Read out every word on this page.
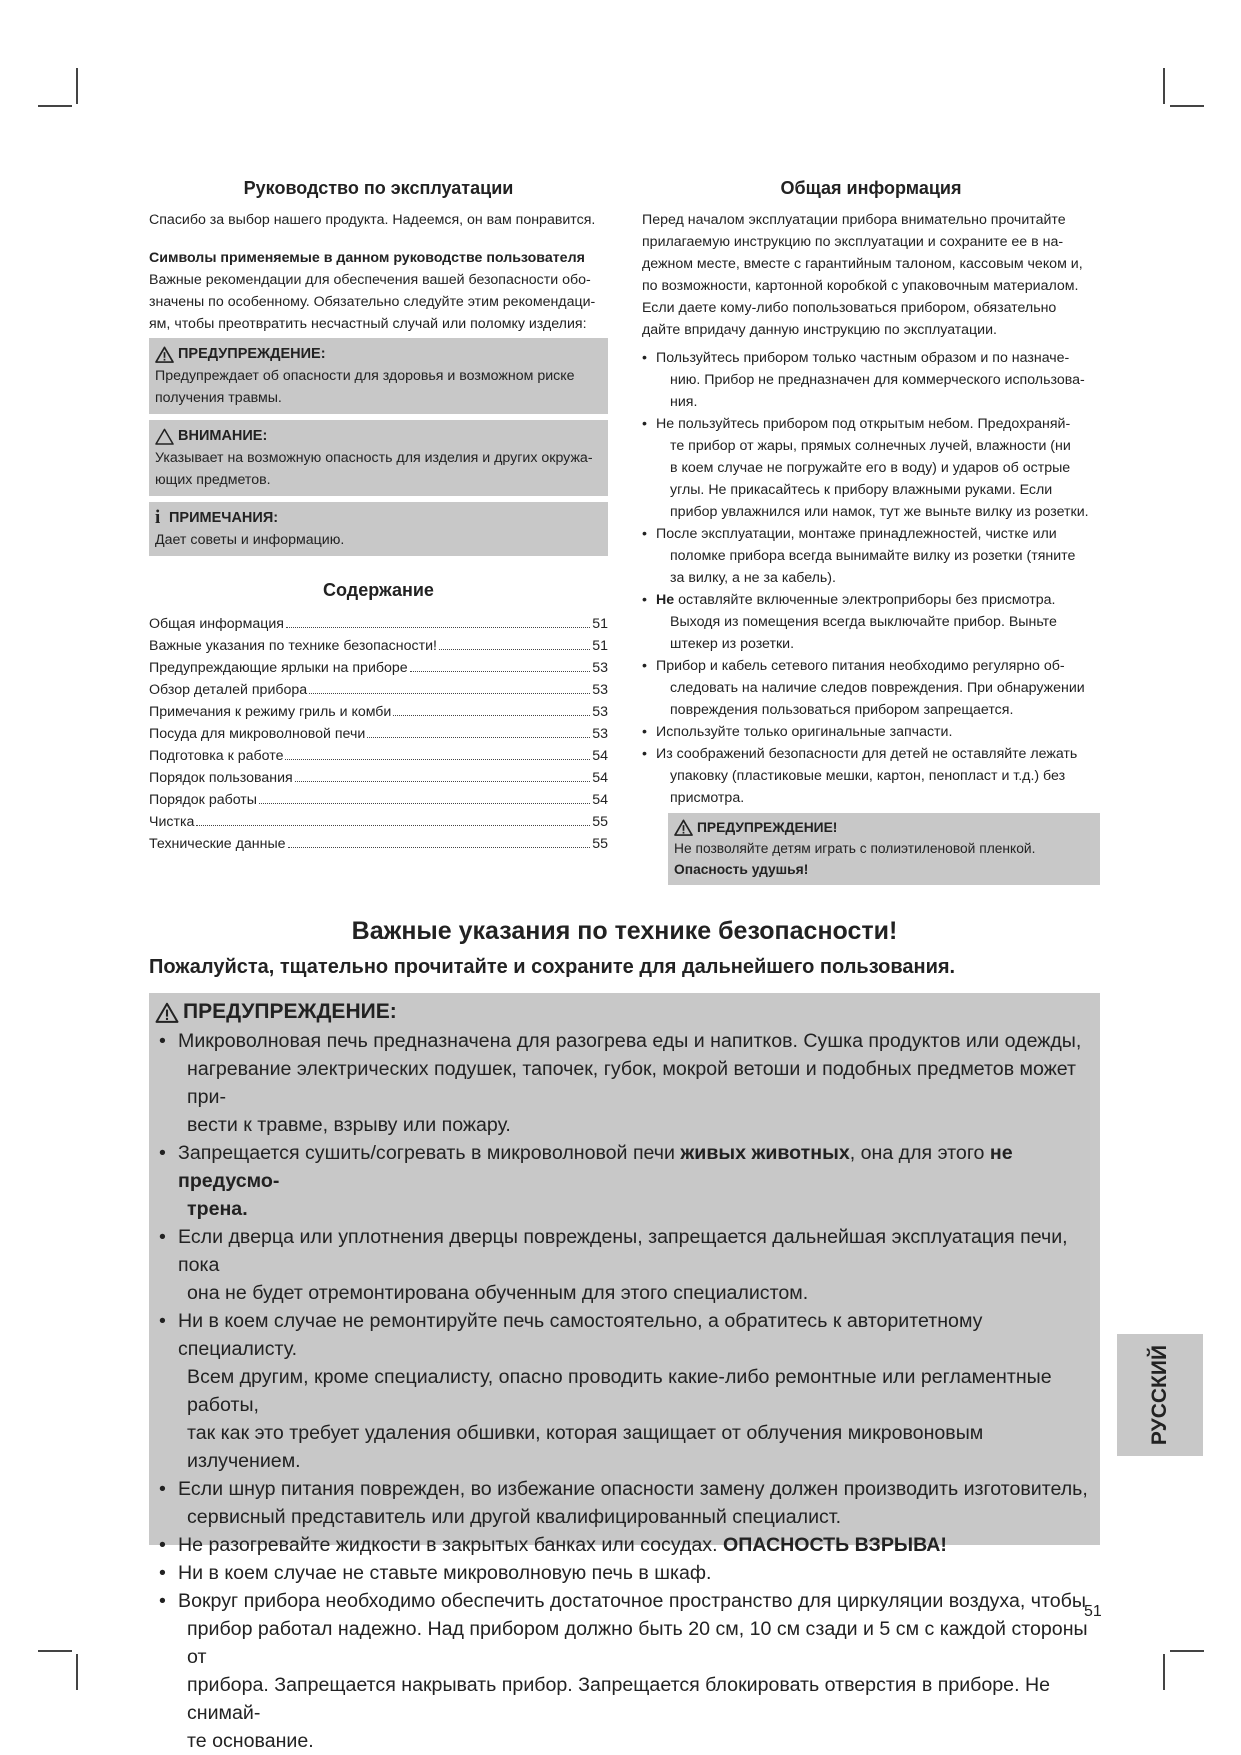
Руководство по эксплуатации

Спасибо за выбор нашего продукта. Надеемся, он вам понравится.

Символы применяемые в данном руководстве пользователя

Важные рекомендации для обеспечения вашей безопасности обо-

значены по особенному. Обязательно следуйте этим рекомендаци-

ям, чтобы преотвратить несчастный случай или поломку изделия:

ПРЕДУПРЕЖДЕНИЕ:
Предупреждает об опасности для здоровья и возможном риске
получения травмы.
ВНИМАНИЕ:
Указывает на возможную опасность для изделия и других окружа-
ющих предметов.
i ПРИМЕЧАНИЯ:
Дает советы и информацию.
Содержание
Общая информация	51
Важные указания по технике безопасности!	51
Предупреждающие ярлыки на приборе	53
Обзор деталей прибора	53
Примечания к режиму гриль и комби	53
Посуда для микроволновой печи	53
Подготовка к работе	54
Порядок пользования	54
Порядок работы	54
Чистка	55
Технические данные	55
Общая информация

Перед началом эксплуатации прибора внимательно прочитайте

прилагаемую инструкцию по эксплуатации и сохраните ее в на-

дежном месте, вместе с гарантийным талоном, кассовым чеком и,

по возможности, картонной коробкой с упаковочным материалом.

Если даете кому-либо попользоваться прибором, обязательно

дайте впридачу данную инструкцию по эксплуатации.

• Пользуйтесь прибором только частным образом и по назначе-
нию. Прибор не предназначен для коммерческого использова-
ния.
• Не пользуйтесь прибором под открытым небом. Предохраняй-
те прибор от жары, прямых солнечных лучей, влажности (ни
в коем случае не погружайте его в воду) и ударов об острые
углы. Не прикасайтесь к прибору влажными руками. Если
прибор увлажнился или намок, тут же выньте вилку из розетки.
• После эксплуатации, монтаже принадлежностей, чистке или
поломке прибора всегда вынимайте вилку из розетки (тяните
за вилку, а не за кабель).
• Не оставляйте включенные электроприборы без присмотра.
Выходя из помещения всегда выключайте прибор. Выньте
штекер из розетки.
• Прибор и кабель сетевого питания необходимо регулярно об-
следовать на наличие следов повреждения. При обнаружении
повреждения пользоваться прибором запрещается.
• Используйте только оригинальные запчасти.
• Из соображений безопасности для детей не оставляйте лежать
упаковку (пластиковые мешки, картон, пенопласт и т.д.) без
присмотра.
ПРЕДУПРЕЖДЕНИЕ!
Не позволяйте детям играть с полиэтиленовой пленкой.
Опасность удушья!
Важные указания по технике безопасности!
Пожалуйста, тщательно прочитайте и сохраните для дальнейшего пользования.
ПРЕДУПРЕЖДЕНИЕ:
• Микроволновая печь предназначена для разогрева еды и напитков. Сушка продуктов или одежды,
нагревание электрических подушек, тапочек, губок, мокрой ветоши и подобных предметов может при-
вести к травме, взрыву или пожару.
• Запрещается сушить/согревать в микроволновой печи живых животных, она для этого не предусмо-
трена.
• Если дверца или уплотнения дверцы повреждены, запрещается дальнейшая эксплуатация печи, пока
она не будет отремонтирована обученным для этого специалистом.
• Ни в коем случае не ремонтируйте печь самостоятельно, а обратитесь к авторитетному специалисту.
Всем другим, кроме специалисту, опасно проводить какие-либо ремонтные или регламентные работы,
так как это требует удаления обшивки, которая защищает от облучения микровоновым излучением.
• Если шнур питания поврежден, во избежание опасности замену должен производить изготовитель,
сервисный представитель или другой квалифицированный специалист.
• Не разогревайте жидкости в закрытых банках или сосудах. ОПАСНОСТЬ ВЗРЫВА!
• Ни в коем случае не ставьте микроволновую печь в шкаф.
• Вокруг прибора необходимо обеспечить достаточное пространство для циркуляции воздуха, чтобы
прибор работал надежно. Над прибором должно быть 20 см, 10 см сзади и 5 см с каждой стороны от
прибора. Запрещается накрывать прибор. Запрещается блокировать отверстия в приборе. Не снимай-
те основание.
РУССКИЙ
51
